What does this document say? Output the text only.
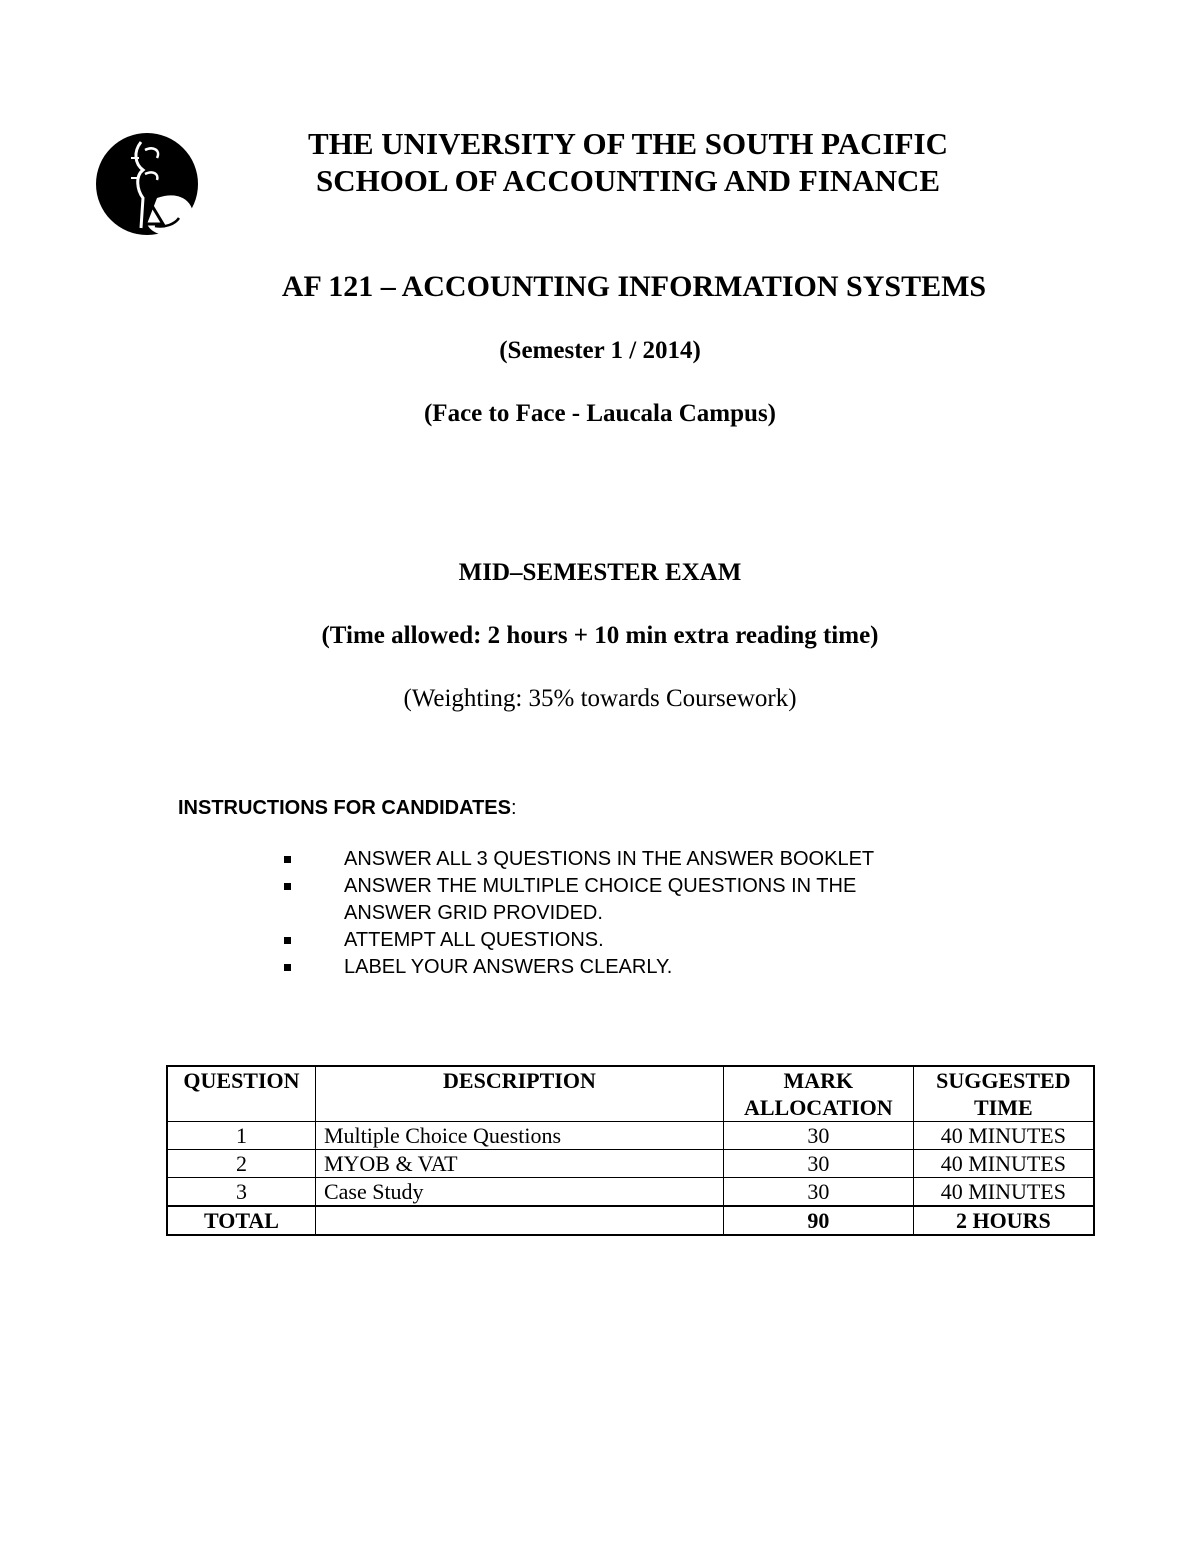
THE UNIVERSITY OF THE SOUTH PACIFIC
SCHOOL OF ACCOUNTING AND FINANCE
AF 121 – ACCOUNTING INFORMATION SYSTEMS
(Semester 1 / 2014)
(Face to Face - Laucala Campus)
MID–SEMESTER EXAM
(Time allowed: 2 hours + 10 min extra reading time)
(Weighting: 35% towards Coursework)
INSTRUCTIONS FOR CANDIDATES:
ANSWER ALL 3 QUESTIONS IN THE ANSWER BOOKLET
ANSWER THE MULTIPLE CHOICE QUESTIONS IN THE ANSWER GRID PROVIDED.
ATTEMPT ALL QUESTIONS.
LABEL YOUR ANSWERS CLEARLY.
QUESTION	DESCRIPTION	MARK ALLOCATION	SUGGESTED TIME
1	Multiple Choice Questions	30	40 MINUTES
2	MYOB & VAT	30	40 MINUTES
3	Case Study	30	40 MINUTES
TOTAL		90	2 HOURS
